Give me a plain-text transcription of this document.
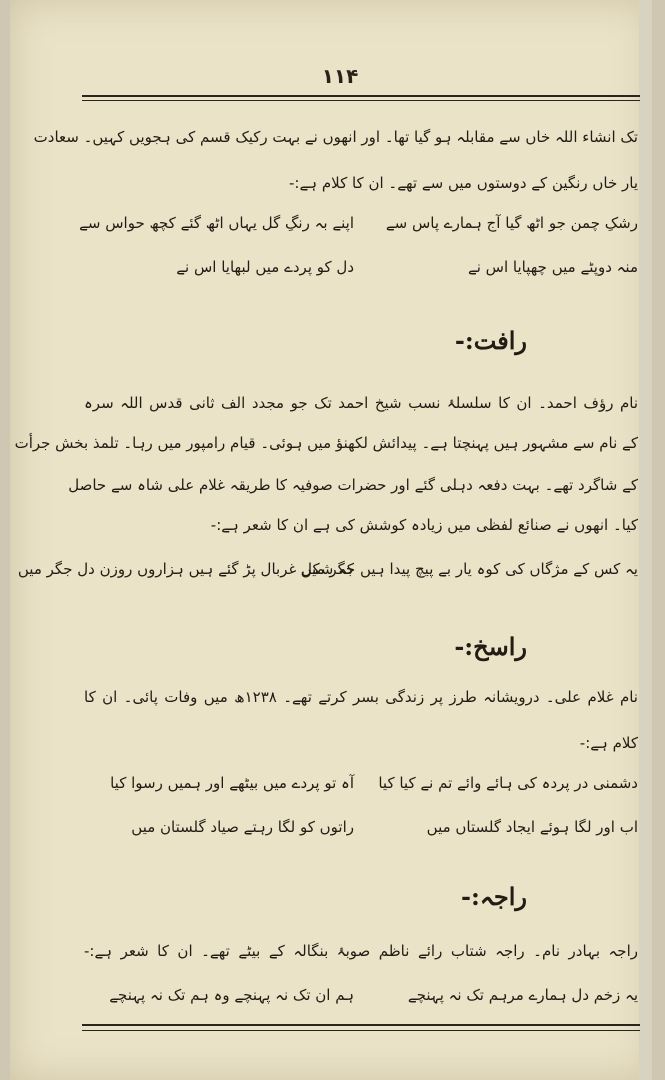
۱۱۴
تک انشاء اللہ خاں سے مقابلہ ہو گیا تھا۔ اور انھوں نے بہت رکیک قسم کی ہجویں کہیں۔ سعادت
یار خاں رنگین کے دوستوں میں سے تھے۔ ان کا کلام ہے:-
رشکِ چمن جو اٹھ گیا آج ہمارے پاس سے
اپنے بہ رنگِ گل یہاں اٹھ گئے کچھ حواس سے
منہ دوپٹے میں چھپایا اس نے
دل کو پردے میں لبھایا اس نے
رافت:-
نام رؤف احمد۔ ان کا سلسلۂ نسب شیخ احمد تک جو مجدد الف ثانی قدس اللہ سرہ
کے نام سے مشہور ہیں پہنچتا ہے۔ پیدائش لکھنؤ میں ہوئی۔ قیام رامپور میں رہا۔ تلمذ بخش جرأت
کے شاگرد تھے۔ بہت دفعہ دہلی گئے اور حضرات صوفیہ کا طریقہ غلام علی شاہ سے حاصل
کیا۔ انھوں نے صنائع لفظی میں زیادہ کوشش کی ہے ان کا شعر ہے:-
یہ کس کے مژگاں کی کوہ یار بے پیچ پیدا ہیں جگر میں
کہ شکل غربال پڑ گئے ہیں ہزاروں روزن دل جگر میں
راسخ:-
نام غلام علی۔ درویشانہ طرز پر زندگی بسر کرتے تھے۔ ۱۲۳۸ھ میں وفات پائی۔ ان کا
کلام ہے:-
دشمنی در پردہ کی ہائے وائے تم نے کیا کیا
آہ تو پردے میں بیٹھے اور ہمیں رسوا کیا
اب اور لگا ہوئے ایجاد گلستاں میں
راتوں کو لگا رہتے صیاد گلستان میں
راجہ:-
راجہ بہادر نام۔ راجہ شتاب رائے ناظم صوبۂ بنگالہ کے بیٹے تھے۔ ان کا شعر ہے:-
یہ زخم دل ہمارے مرہم تک نہ پہنچے
ہم ان تک نہ پہنچے وہ ہم تک نہ پہنچے
